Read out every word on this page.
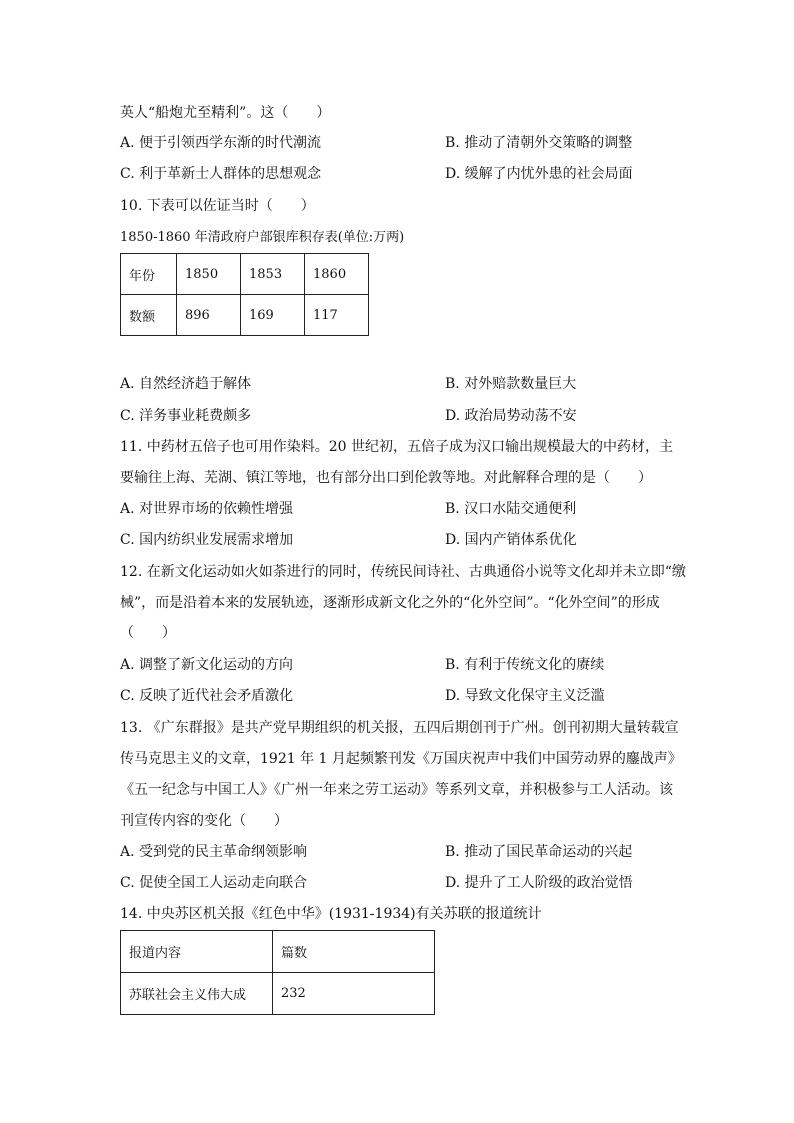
英人“船炮尤至精利”。这（　　）
A. 便于引领西学东渐的时代潮流	B. 推动了清朝外交策略的调整
C. 利于革新士人群体的思想观念	D. 缓解了内忧外患的社会局面
10. 下表可以佐证当时（　　）
1850-1860 年清政府户部银库积存表(单位:万两)
年份	1850	1853	1860
数额	896	169	117
A. 自然经济趋于解体	B. 对外赔款数量巨大
C. 洋务事业耗费颇多	D. 政治局势动荡不安
11. 中药材五倍子也可用作染料。20 世纪初，五倍子成为汉口输出规模最大的中药材，主
要输往上海、芜湖、镇江等地，也有部分出口到伦敦等地。对此解释合理的是（　　）
A. 对世界市场的依赖性增强	B. 汉口水陆交通便利
C. 国内纺织业发展需求增加	D. 国内产销体系优化
12. 在新文化运动如火如荼进行的同时，传统民间诗社、古典通俗小说等文化却并未立即“缴
械”，而是沿着本来的发展轨迹，逐渐形成新文化之外的“化外空间”。“化外空间”的形成
（　　）
A. 调整了新文化运动的方向	B. 有利于传统文化的赓续
C. 反映了近代社会矛盾激化	D. 导致文化保守主义泛滥
13. 《广东群报》是共产党早期组织的机关报，五四后期创刊于广州。创刊初期大量转载宣
传马克思主义的文章，1921 年 1 月起频繁刊发《万国庆祝声中我们中国劳动界的鏖战声》
《五一纪念与中国工人》《广州一年来之劳工运动》等系列文章，并积极参与工人活动。该
刊宣传内容的变化（　　）
A. 受到党的民主革命纲领影响	B. 推动了国民革命运动的兴起
C. 促使全国工人运动走向联合	D. 提升了工人阶级的政治觉悟
14. 中央苏区机关报《红色中华》(1931-1934)有关苏联的报道统计
报道内容	篇数
苏联社会主义伟大成	232
